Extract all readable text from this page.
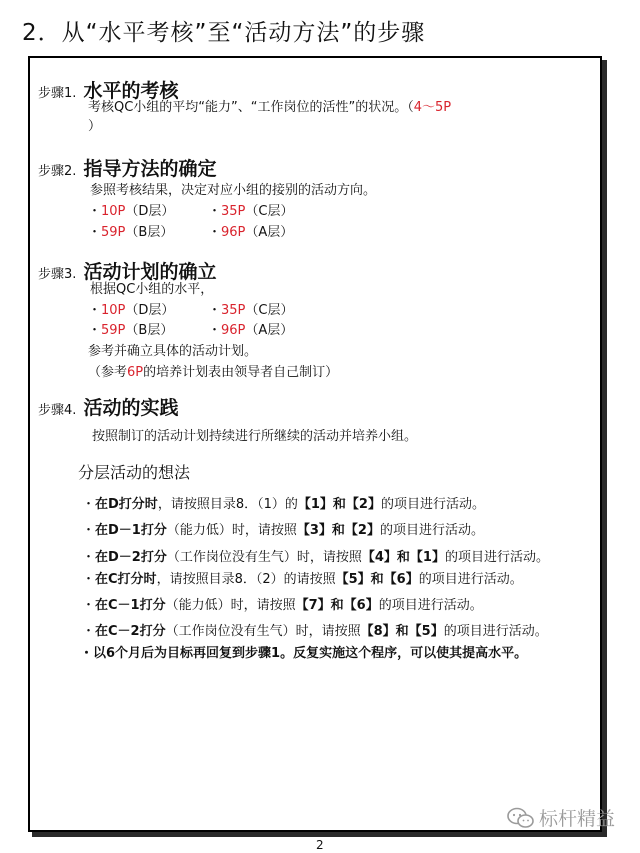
2．从“水平考核”至“活动方法”的步骤
步骤1. 水平的考核
考核QC小组的平均“能力”、“工作岗位的活性”的状况。（4～5P
）
步骤2. 指导方法的确定
参照考核结果，决定对应小组的接别的活动方向。
・10P（D层）	・35P（C层）
・59P（B层）	・96P（A层）
步骤3. 活动计划的确立
根据QC小组的水平，
・10P（D层）	・35P（C层）
・59P（B层）	・96P（A层）
参考并确立具体的活动计划。
（参考6P的培养计划表由领导者自己制订）
步骤4. 活动的实践
按照制订的活动计划持续进行所继续的活动并培养小组。
分层活动的想法
・在D打分时，请按照目录8．（1）的【1】和【2】的项目进行活动。
・在D－1打分（能力低）时，请按照【3】和【2】的项目进行活动。
・在D－2打分（工作岗位没有生气）时，请按照【4】和【1】的项目进行活动。
・在C打分时，请按照目录8．（2）的请按照【5】和【6】的项目进行活动。
・在C－1打分（能力低）时，请按照【7】和【6】的项目进行活动。
・在C－2打分（工作岗位没有生气）时，请按照【8】和【5】的项目进行活动。
・以6个月后为目标再回复到步骤1。反复实施这个程序，可以使其提高水平。
标杆精益
2
